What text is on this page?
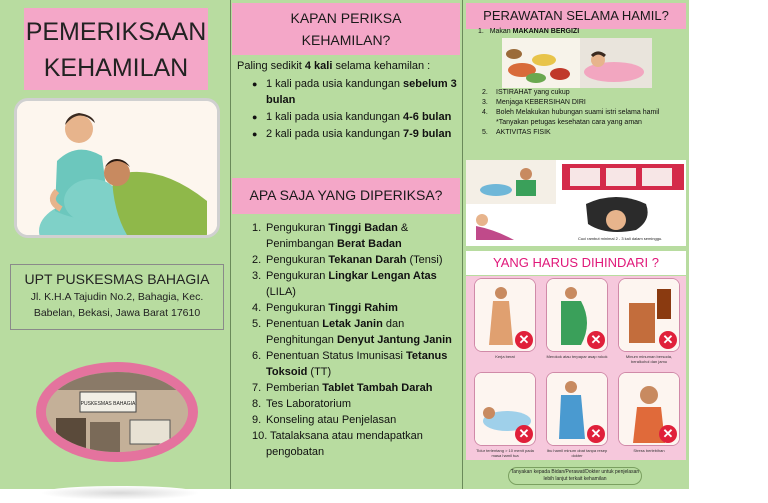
PEMERIKSAAN
KEHAMILAN
UPT PUSKESMAS BAHAGIA
Jl. K.H.A Tajudin No.2, Bahagia, Kec.
Babelan, Bekasi, Jawa Barat 17610
PUSKESMAS BAHAGIA
KAPAN PERIKSA
KEHAMILAN?
Paling sedikit 4 kali selama kehamilan :
● 1 kali pada usia kandungan sebelum 3 bulan
● 1 kali pada usia kandungan 4-6 bulan
● 2 kali pada usia kandungan 7-9 bulan
APA SAJA YANG DIPERIKSA?
1. Pengukuran Tinggi Badan & Penimbangan Berat Badan
2. Pengukuran Tekanan Darah (Tensi)
3. Pengukuran Lingkar Lengan Atas (LILA)
4. Pengukuran Tinggi Rahim
5. Penentuan Letak Janin dan Penghitungan Denyut Jantung Janin
6. Penentuan Status Imunisasi Tetanus Toksoid (TT)
7. Pemberian Tablet Tambah Darah
8. Tes Laboratorium
9. Konseling atau Penjelasan
10. Tatalaksana atau mendapatkan pengobatan
PERAWATAN SELAMA HAMIL?
1. Makan MAKANAN BERGIZI
2. ISTIRAHAT yang cukup
3. Menjaga KEBERSIHAN DIRI
4. Boleh Melakukan hubungan suami istri selama hamil *Tanyakan petugas kesehatan cara yang aman
5. AKTIVITAS FISIK
Cuci rambut minimal 2 - 3 kali dalam seminggu.
YANG HARUS DIHINDARI ?
✕
Kerja berat
✕
Merokok atau terpapar asap rokok
✕
Minum minuman bersoda, beralkohol dan jamu
✕
Tidur terlentang > 10 menit pada masa hamil tua
✕
Ibu hamil minum obat tanpa resep dokter
✕
Stress berlebihan
Tanyakan kepada Bidan/Perawat/Dokter untuk penjelasan lebih lanjut terkait kehamilan
